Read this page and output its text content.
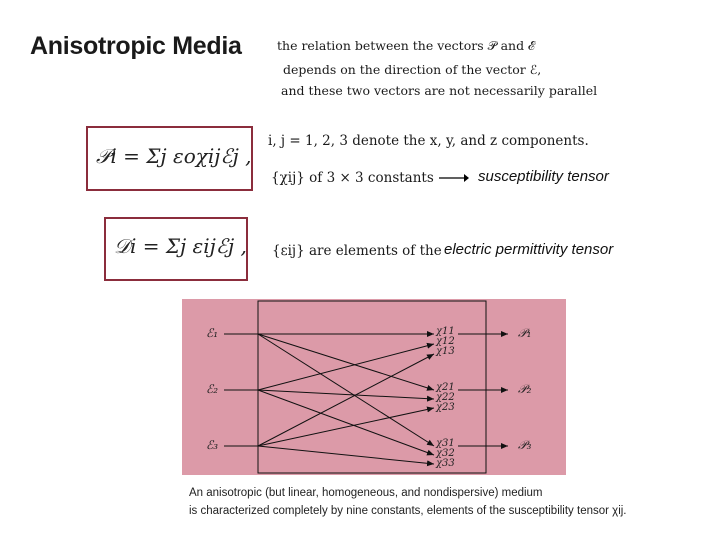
Anisotropic Media	the relation between the vectors 𝒫 and ℰ
depends on the direction of the vector ℰ,
and these two vectors are not necessarily parallel
𝒫i = Σj εoχijℰj ,
i, j = 1, 2, 3 denote the x, y, and z components.
{χij} of 3 × 3 constants	susceptibility tensor
𝒟i = Σj εijℰj , {εij} are elements of the electric permittivity tensor
ℰ₁
ℰ₂
ℰ₃
χ11
χ12
χ13
χ21
χ22
χ23
χ31
χ32
χ33
𝒫₁
𝒫₂
𝒫₃
An anisotropic (but linear, homogeneous, and nondispersive) medium
is characterized completely by nine constants, elements of the susceptibility tensor χij.
